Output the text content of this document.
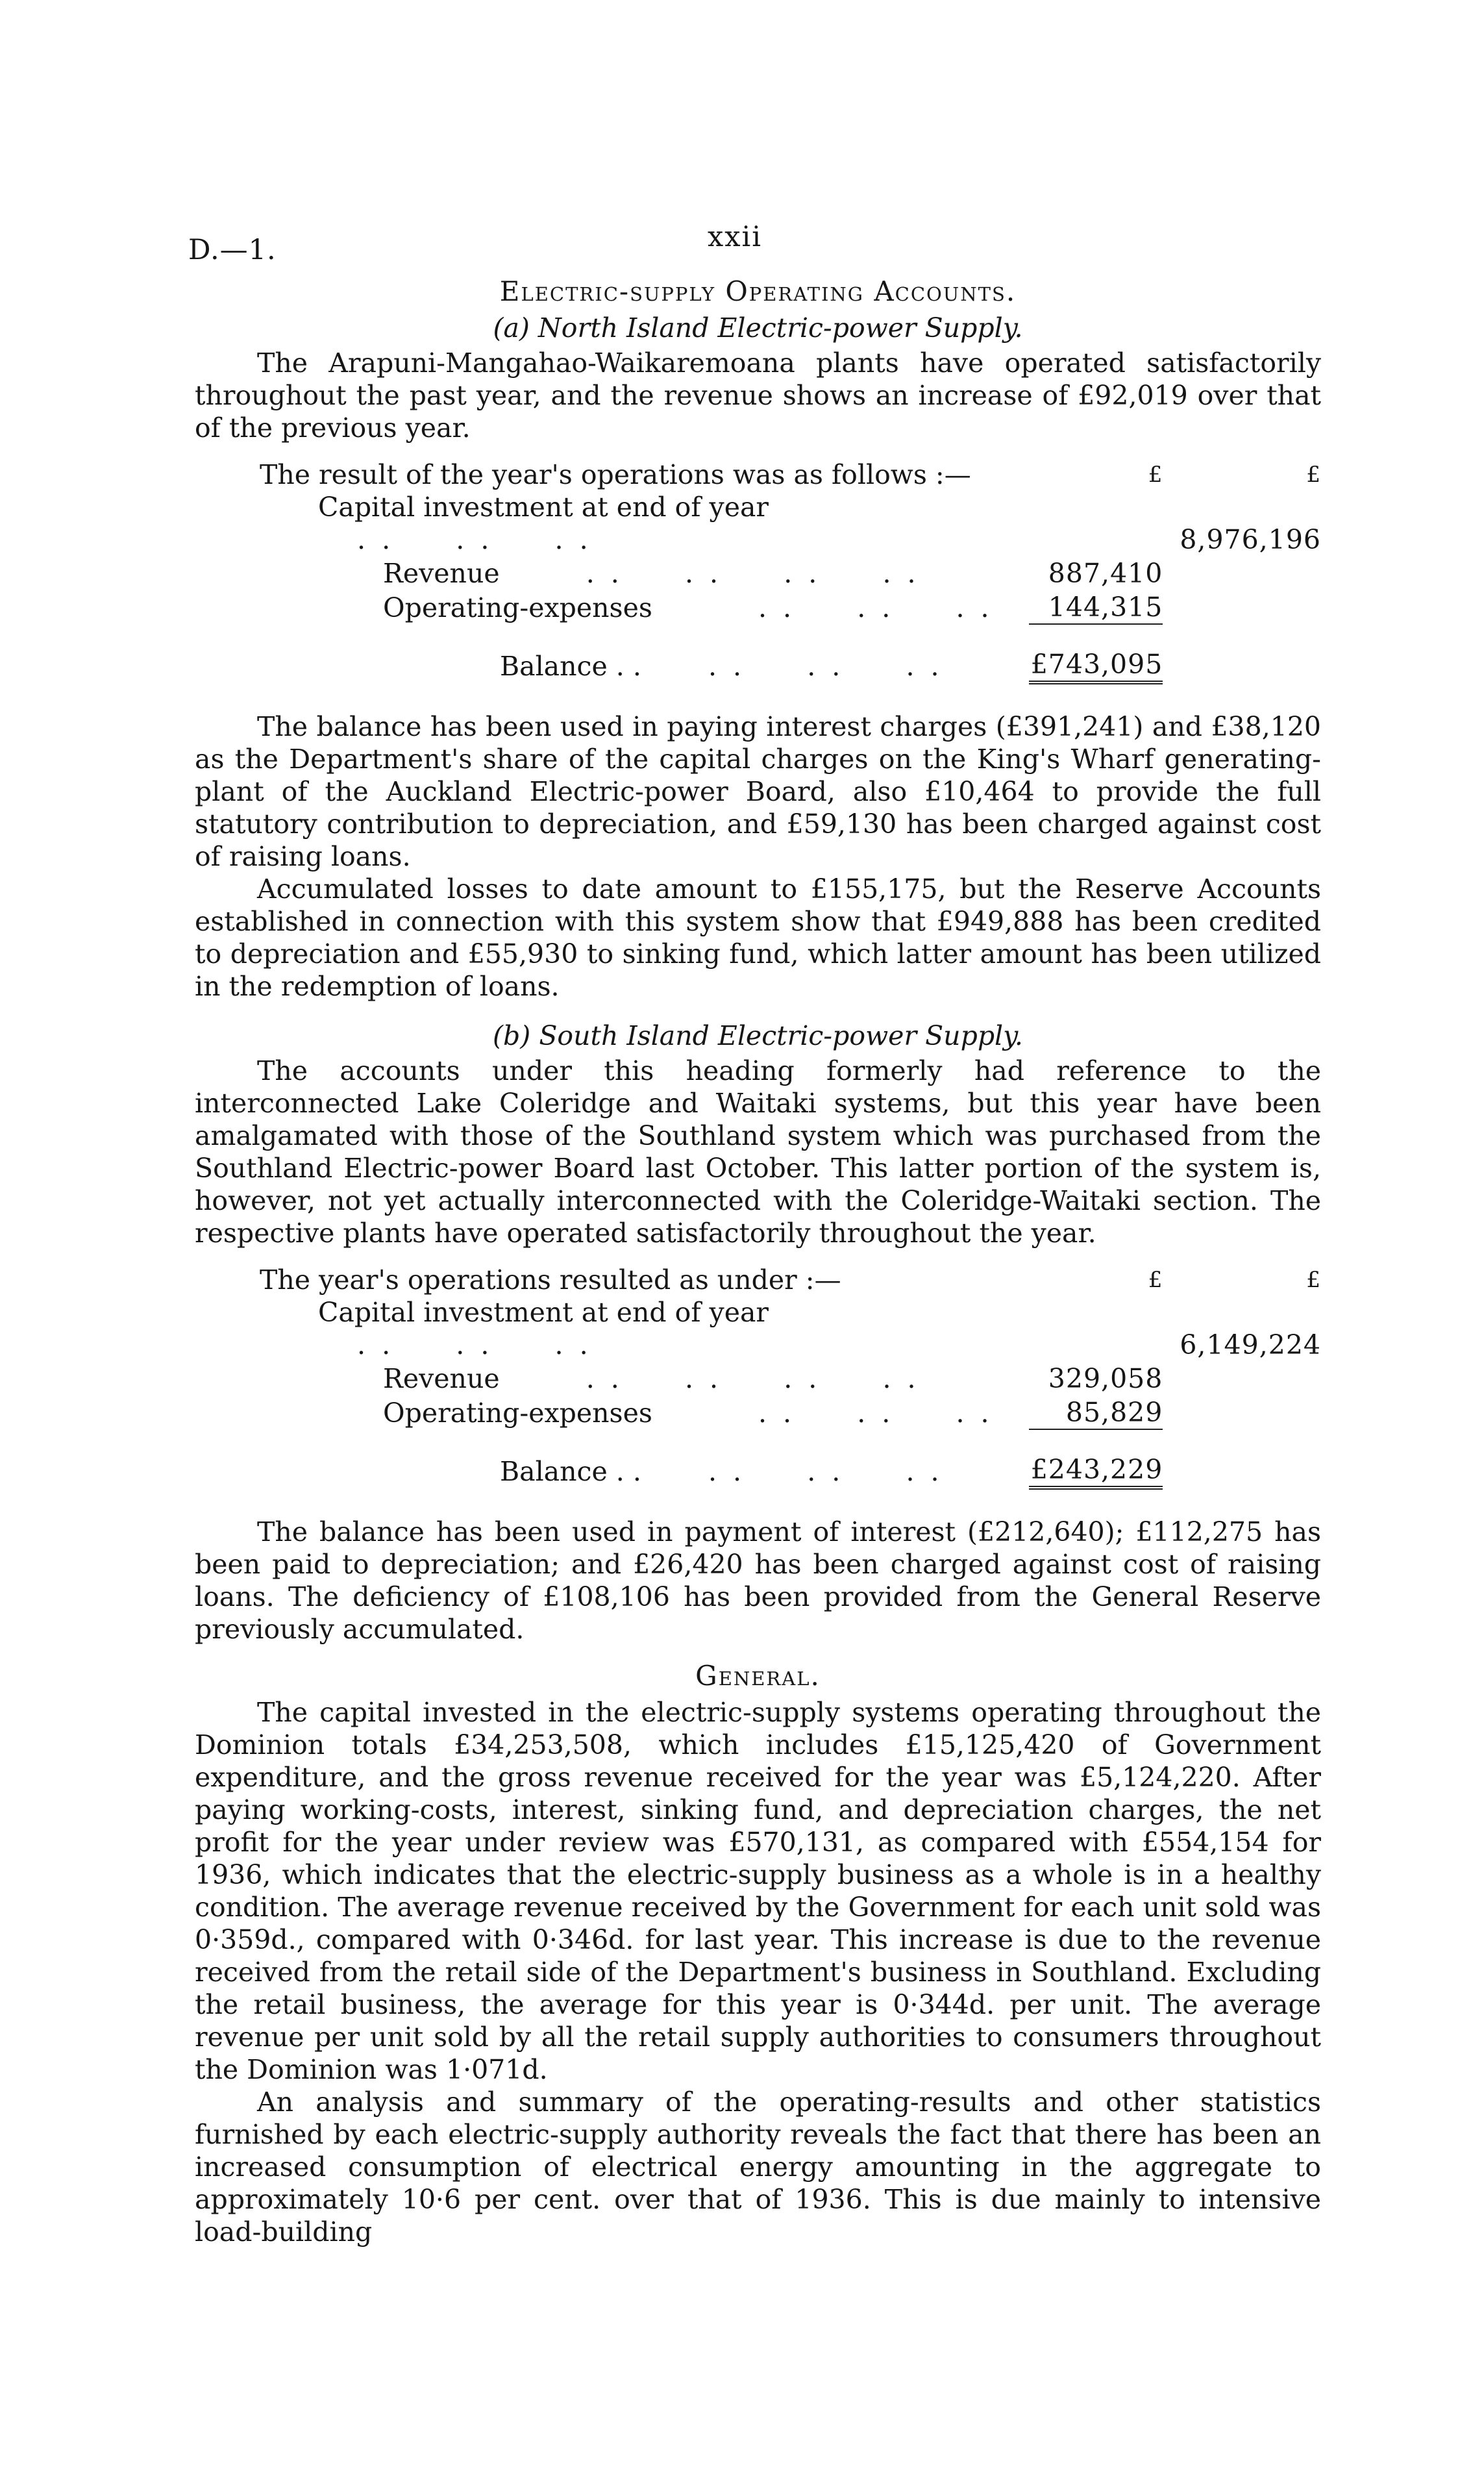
D.—1.	xxii
Electric-supply Operating Accounts.
(a) North Island Electric-power Supply.

The Arapuni-Mangahao-Waikaremoana plants have operated satisfactorily throughout the past year, and the revenue shows an increase of £92,019 over that of the previous year.

The result of the year's operations was as follows :—	£	£
Capital investment at end of year . .     . .     . .		8,976,196
Revenue . .     . .     . .     . .	887,410	
Operating-expenses . .     . .     . .	144,315	

Balance . . . .     . .     . .	£743,095	

The balance has been used in paying interest charges (£391,241) and £38,120 as the Department's share of the capital charges on the King's Wharf generating-plant of the Auckland Electric-power Board, also £10,464 to provide the full statutory contribution to depreciation, and £59,130 has been charged against cost of raising loans.

Accumulated losses to date amount to £155,175, but the Reserve Accounts established in connection with this system show that £949,888 has been credited to depreciation and £55,930 to sinking fund, which latter amount has been utilized in the redemption of loans.

(b) South Island Electric-power Supply.

The accounts under this heading formerly had reference to the interconnected Lake Coleridge and Waitaki systems, but this year have been amalgamated with those of the Southland system which was purchased from the Southland Electric-power Board last October. This latter portion of the system is, however, not yet actually interconnected with the Coleridge-Waitaki section. The respective plants have operated satisfactorily throughout the year.

The year's operations resulted as under :—	£	£
Capital investment at end of year . .     . .     . .		6,149,224
Revenue . .     . .     . .     . .	329,058	
Operating-expenses . .     . .     . .	85,829	

Balance . . . .     . .     . .	£243,229	

The balance has been used in payment of interest (£212,640); £112,275 has been paid to depreciation; and £26,420 has been charged against cost of raising loans. The deficiency of £108,106 has been provided from the General Reserve previously accumulated.

General.

The capital invested in the electric-supply systems operating throughout the Dominion totals £34,253,508, which includes £15,125,420 of Government expenditure, and the gross revenue received for the year was £5,124,220. After paying working-costs, interest, sinking fund, and depreciation charges, the net profit for the year under review was £570,131, as compared with £554,154 for 1936, which indicates that the electric-supply business as a whole is in a healthy condition. The average revenue received by the Government for each unit sold was 0·359d., compared with 0·346d. for last year. This increase is due to the revenue received from the retail side of the Department's business in Southland. Excluding the retail business, the average for this year is 0·344d. per unit. The average revenue per unit sold by all the retail supply authorities to consumers throughout the Dominion was 1·071d.

An analysis and summary of the operating-results and other statistics furnished by each electric-supply authority reveals the fact that there has been an increased consumption of electrical energy amounting in the aggregate to approximately 10·6 per cent. over that of 1936. This is due mainly to intensive load-building
